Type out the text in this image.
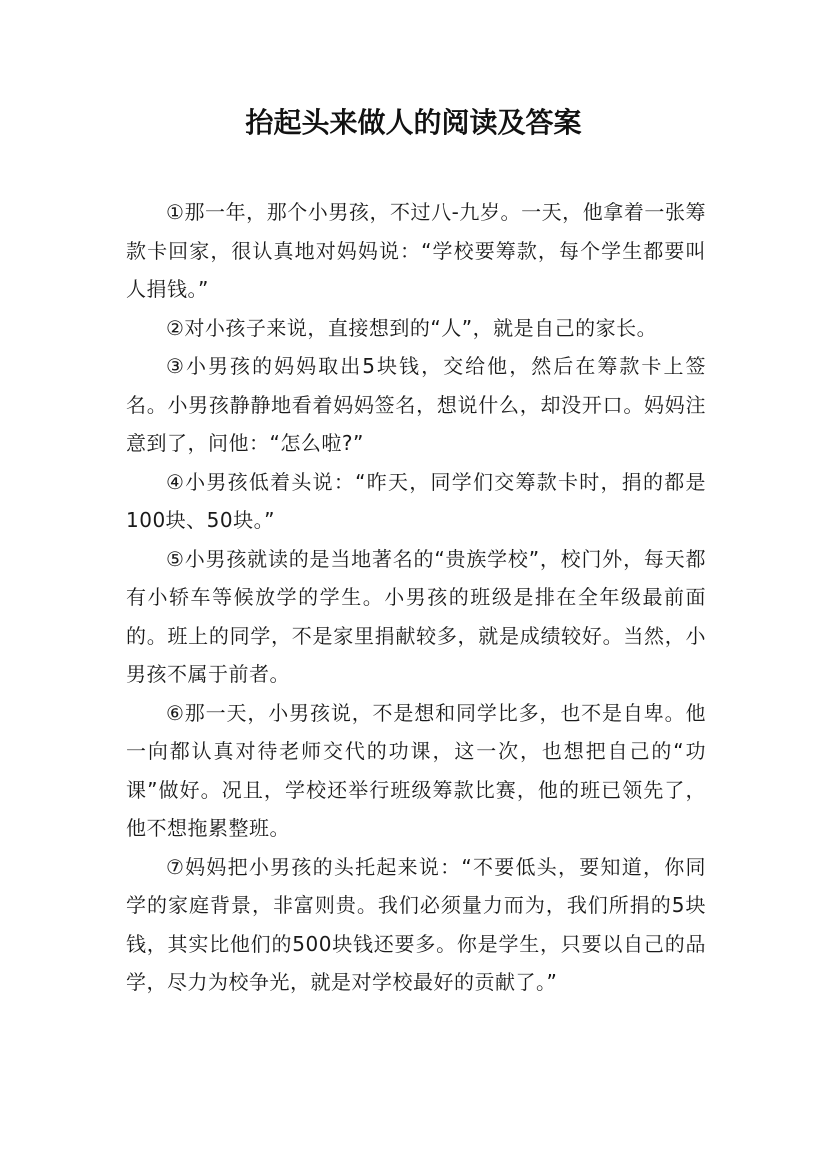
抬起头来做人的阅读及答案

①那一年，那个小男孩，不过八-九岁。一天，他拿着一张筹款卡回家，很认真地对妈妈说：“学校要筹款，每个学生都要叫人捐钱。”

②对小孩子来说，直接想到的“人”，就是自己的家长。

③小男孩的妈妈取出5块钱，交给他，然后在筹款卡上签名。小男孩静静地看着妈妈签名，想说什么，却没开口。妈妈注意到了，问他：“怎么啦?”

④小男孩低着头说：“昨天，同学们交筹款卡时，捐的都是100块、50块。”

⑤小男孩就读的是当地著名的“贵族学校”，校门外，每天都有小轿车等候放学的学生。小男孩的班级是排在全年级最前面的。班上的同学，不是家里捐献较多，就是成绩较好。当然，小男孩不属于前者。

⑥那一天，小男孩说，不是想和同学比多，也不是自卑。他一向都认真对待老师交代的功课，这一次，也想把自己的“功课”做好。况且，学校还举行班级筹款比赛，他的班已领先了，他不想拖累整班。

⑦妈妈把小男孩的头托起来说：“不要低头，要知道，你同学的家庭背景，非富则贵。我们必须量力而为，我们所捐的5块钱，其实比他们的500块钱还要多。你是学生，只要以自己的品学，尽力为校争光，就是对学校最好的贡献了。”
